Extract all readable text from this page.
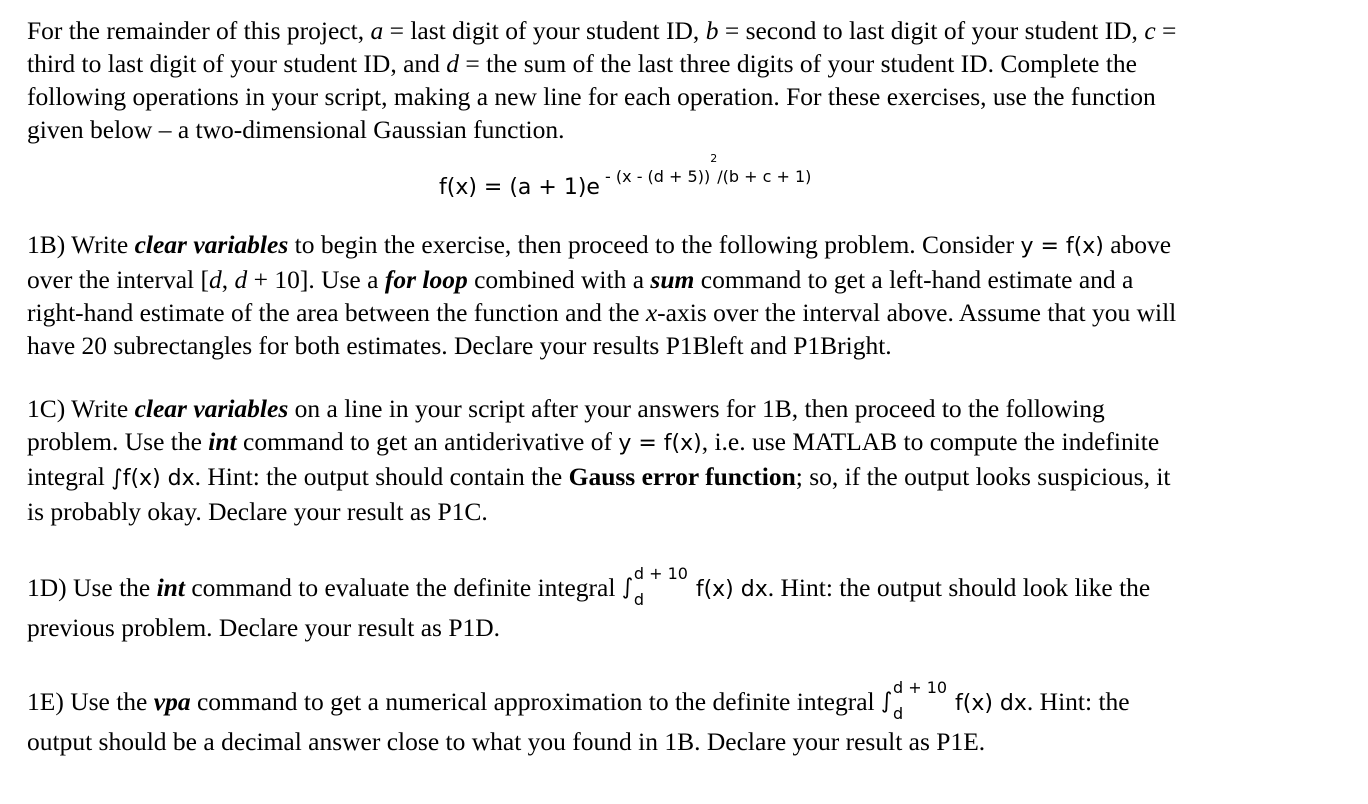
For the remainder of this project, a = last digit of your student ID, b = second to last digit of your student ID, c =

third to last digit of your student ID, and d = the sum of the last three digits of your student ID. Complete the

following operations in your script, making a new line for each operation. For these exercises, use the function

given below – a two-dimensional Gaussian function.

f(x) = (a + 1)e $^{- (x - (d + 5))^2/(b + c + 1)}$

1B) Write clear variables to begin the exercise, then proceed to the following problem. Consider y = f(x) above

over the interval [d, d + 10]. Use a for loop combined with a sum command to get a left-hand estimate and a

right-hand estimate of the area between the function and the x-axis over the interval above. Assume that you will

have 20 subrectangles for both estimates. Declare your results P1Bleft and P1Bright.

1C) Write clear variables on a line in your script after your answers for 1B, then proceed to the following

problem. Use the int command to get an antiderivative of y = f(x), i.e. use MATLAB to compute the indefinite

integral ∫f(x) dx. Hint: the output should contain the Gauss error function; so, if the output looks suspicious, it

is probably okay. Declare your result as P1C.

1D) Use the int command to evaluate the definite integral ∫
d + 10
d f(x) dx. Hint: the output should look like the

previous problem. Declare your result as P1D.

1E) Use the vpa command to get a numerical approximation to the definite integral ∫
d + 10
d f(x) dx. Hint: the

output should be a decimal answer close to what you found in 1B. Declare your result as P1E.
